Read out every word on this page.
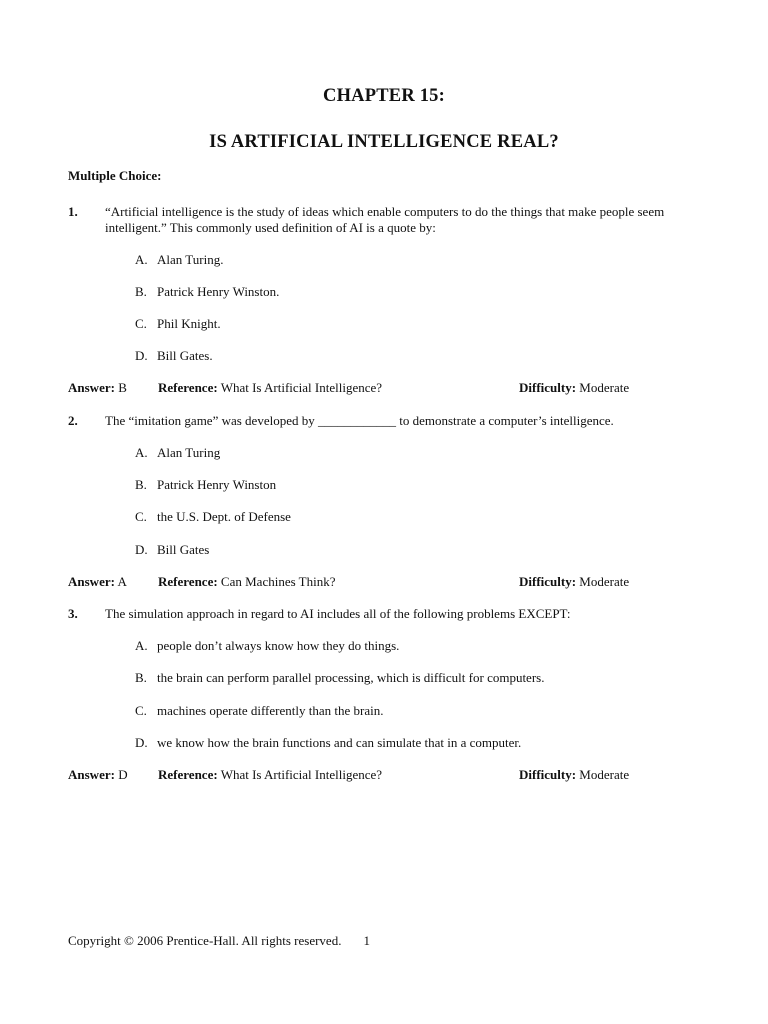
CHAPTER 15:
IS ARTIFICIAL INTELLIGENCE REAL?
Multiple Choice:
1. “Artificial intelligence is the study of ideas which enable computers to do the things that make people seem
intelligent.” This commonly used definition of AI is a quote by:
A. Alan Turing.
B. Patrick Henry Winston.
C. Phil Knight.
D. Bill Gates.
Answer: B Reference: What Is Artificial Intelligence?	Difficulty: Moderate
2. The “imitation game” was developed by ____________ to demonstrate a computer’s intelligence.
A. Alan Turing
B. Patrick Henry Winston
C. the U.S. Dept. of Defense
D. Bill Gates
Answer: A Reference: Can Machines Think?	Difficulty: Moderate
3. The simulation approach in regard to AI includes all of the following problems EXCEPT:
A. people don’t always know how they do things.
B. the brain can perform parallel processing, which is difficult for computers.
C. machines operate differently than the brain.
D. we know how the brain functions and can simulate that in a computer.
Answer: D Reference: What Is Artificial Intelligence?	Difficulty: Moderate
Copyright © 2006 Prentice-Hall. All rights reserved. 1
